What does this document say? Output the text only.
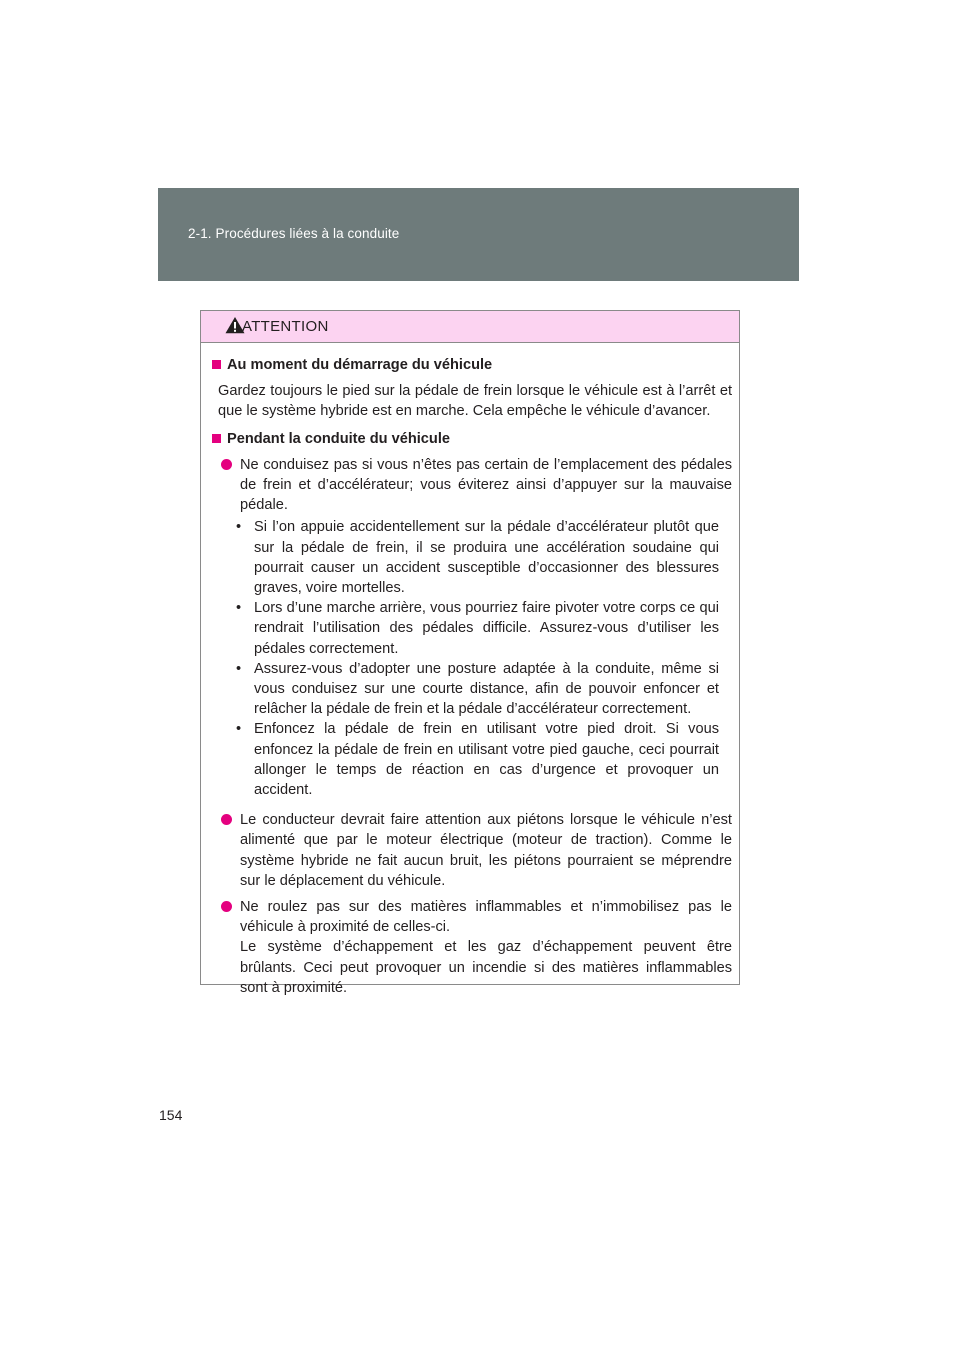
2-1. Procédures liées à la conduite
ATTENTION
Au moment du démarrage du véhicule
Gardez toujours le pied sur la pédale de frein lorsque le véhicule est à l’arrêt et que le système hybride est en marche. Cela empêche le véhicule d’avancer.
Pendant la conduite du véhicule
Ne conduisez pas si vous n’êtes pas certain de l’emplacement des pédales de frein et d’accélérateur; vous éviterez ainsi d’appuyer sur la mauvaise pédale.
• Si l’on appuie accidentellement sur la pédale d’accélérateur plutôt que sur la pédale de frein, il se produira une accélération soudaine qui pourrait causer un accident susceptible d’occasionner des blessures graves, voire mortelles.
• Lors d’une marche arrière, vous pourriez faire pivoter votre corps ce qui rendrait l’utilisation des pédales difficile. Assurez-vous d’utiliser les pédales correctement.
• Assurez-vous d’adopter une posture adaptée à la conduite, même si vous conduisez sur une courte distance, afin de pouvoir enfoncer et relâcher la pédale de frein et la pédale d’accélérateur correctement.
• Enfoncez la pédale de frein en utilisant votre pied droit. Si vous enfoncez la pédale de frein en utilisant votre pied gauche, ceci pourrait allonger le temps de réaction en cas d’urgence et provoquer un accident.
Le conducteur devrait faire attention aux piétons lorsque le véhicule n’est alimenté que par le moteur électrique (moteur de traction). Comme le système hybride ne fait aucun bruit, les piétons pourraient se méprendre sur le déplacement du véhicule.
Ne roulez pas sur des matières inflammables et n’immobilisez pas le véhicule à proximité de celles-ci.
Le système d’échappement et les gaz d’échappement peuvent être brûlants. Ceci peut provoquer un incendie si des matières inflammables sont à proximité.
154
